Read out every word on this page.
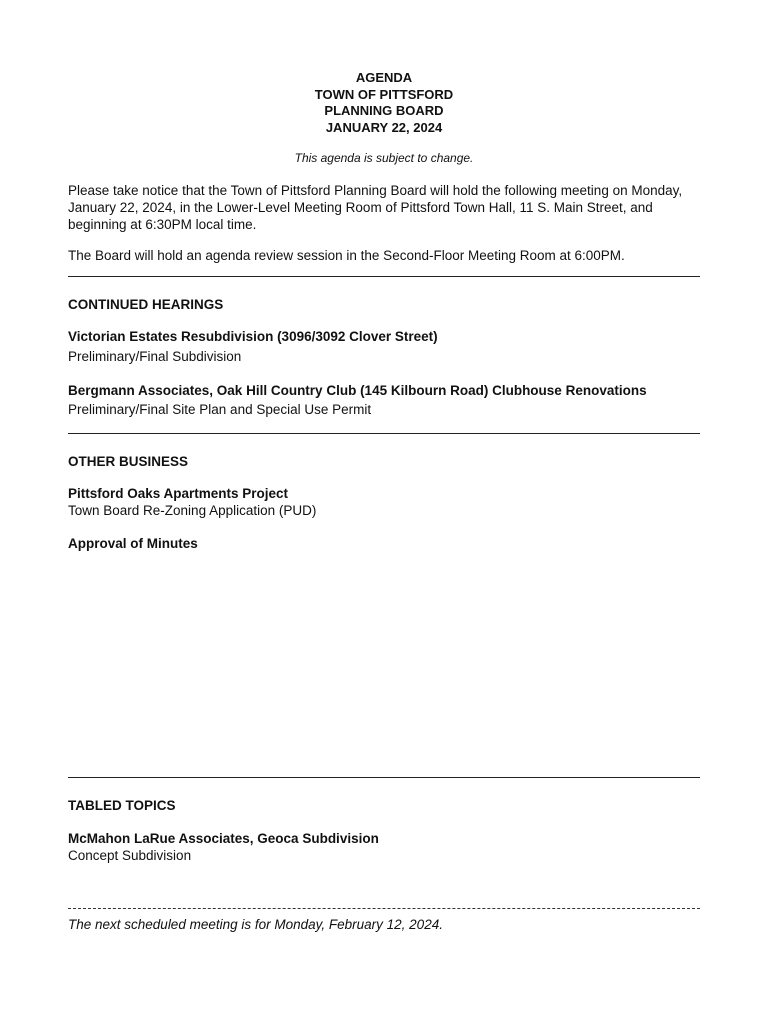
AGENDA
TOWN OF PITTSFORD
PLANNING BOARD
JANUARY 22, 2024
This agenda is subject to change.

Please take notice that the Town of Pittsford Planning Board will hold the following meeting on Monday, January 22, 2024, in the Lower-Level Meeting Room of Pittsford Town Hall, 11 S. Main Street, and beginning at 6:30PM local time.

The Board will hold an agenda review session in the Second-Floor Meeting Room at 6:00PM.

CONTINUED HEARINGS
Victorian Estates Resubdivision (3096/3092 Clover Street)
Preliminary/Final Subdivision
Bergmann Associates, Oak Hill Country Club (145 Kilbourn Road) Clubhouse Renovations
Preliminary/Final Site Plan and Special Use Permit
OTHER BUSINESS
Pittsford Oaks Apartments Project
Town Board Re-Zoning Application (PUD)
Approval of Minutes
TABLED TOPICS
McMahon LaRue Associates, Geoca Subdivision
Concept Subdivision
The next scheduled meeting is for Monday, February 12, 2024.
